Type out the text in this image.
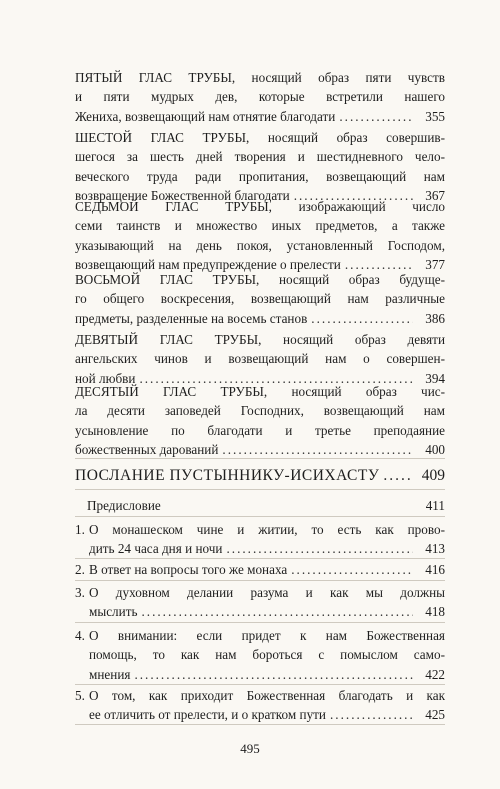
ПЯТЫЙ ГЛАС ТРУБЫ, носящий образ пяти чувств
и пяти мудрых дев, которые встретили нашего
Жениха, возвещающий нам отнятие благодати .....	355
ШЕСТОЙ ГЛАС ТРУБЫ, носящий образ совершив-
шегося за шесть дней творения и шестидневного чело-
веческого труда ради пропитания, возвещающий нам
возвращение Божественной благодати .....	367
СЕДЬМОЙ ГЛАС ТРУБЫ, изображающий число
семи таинств и множество иных предметов, а также
указывающий на день покоя, установленный Господом,
возвещающий нам предупреждение о прелести .....	377
ВОСЬМОЙ ГЛАС ТРУБЫ, носящий образ будуще-
го общего воскресения, возвещающий нам различные
предметы, разделенные на восемь станов .....	386
ДЕВЯТЫЙ ГЛАС ТРУБЫ, носящий образ девяти
ангельских чинов и возвещающий нам о совершен-
ной любви .....	394
ДЕСЯТЫЙ ГЛАС ТРУБЫ, носящий образ чис-
ла десяти заповедей Господних, возвещающий нам
усыновление по благодати и третье преподаяние
божественных дарований .....	400
ПОСЛАНИЕ ПУСТЫННИКУ-ИСИХАСТУ .....	409
Предисловие	411
1. О монашеском чине и житии, то есть как прово-
дить 24 часа дня и ночи .....	413
2. В ответ на вопросы того же монаха .....	416
3. О духовном делании разума и как мы должны
мыслить .....	418
4. О внимании: если придет к нам Божественная
помощь, то как нам бороться с помыслом само-
мнения .....	422
5. О том, как приходит Божественная благодать и как
ее отличить от прелести, и о кратком пути .....	425
495
